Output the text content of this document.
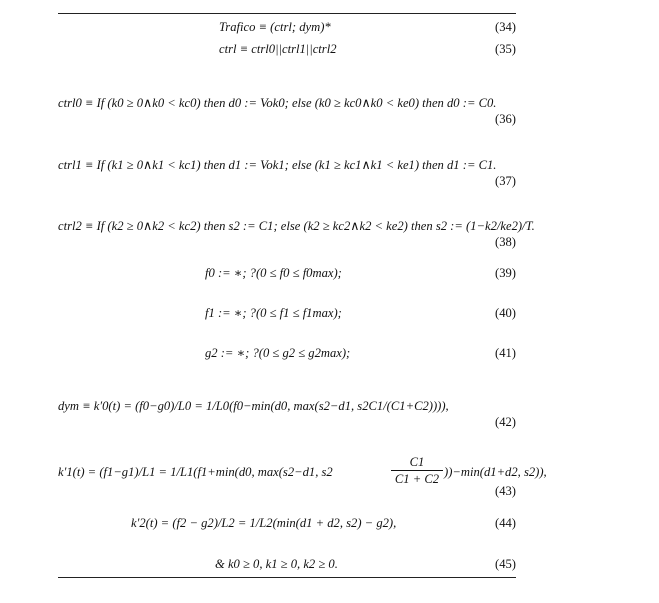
Trafico ≡ (ctrl; dym)*	(34)
ctrl ≡ ctrl0||ctrl1||ctrl2	(35)
ctrl0 ≡ If (k0 ≥ 0∧k0 < kc0) then d0 := Vok0; else (k0 ≥ kc0∧k0 < ke0) then d0 := C0.
(36)
ctrl1 ≡ If (k1 ≥ 0∧k1 < kc1) then d1 := Vok1; else (k1 ≥ kc1∧k1 < ke1) then d1 := C1.
(37)
ctrl2 ≡ If (k2 ≥ 0∧k2 < kc2) then s2 := C1; else (k2 ≥ kc2∧k2 < ke2) then s2 := (1−k2/ke2)/T.
(38)
f0 := ∗; ?(0 ≤ f0 ≤ f0max);	(39)
f1 := ∗; ?(0 ≤ f1 ≤ f1max);	(40)
g2 := ∗; ?(0 ≤ g2 ≤ g2max);	(41)
dym ≡ k′0(t) = (f0−g0)/L0 = 1/L0(f0−min(d0, max(s2−d1, s2C1/(C1+C2)))),
(42)
k′1(t) = (f1−g1)/L1 = 1/L1(f1+min(d0, max(s2−d1, s2
C1
C1 + C2 ))−min(d1+d2, s2)),
(43)
k′2(t) = (f2 − g2)/L2 = 1/L2(min(d1 + d2, s2) − g2),	(44)
& k0 ≥ 0, k1 ≥ 0, k2 ≥ 0.	(45)
